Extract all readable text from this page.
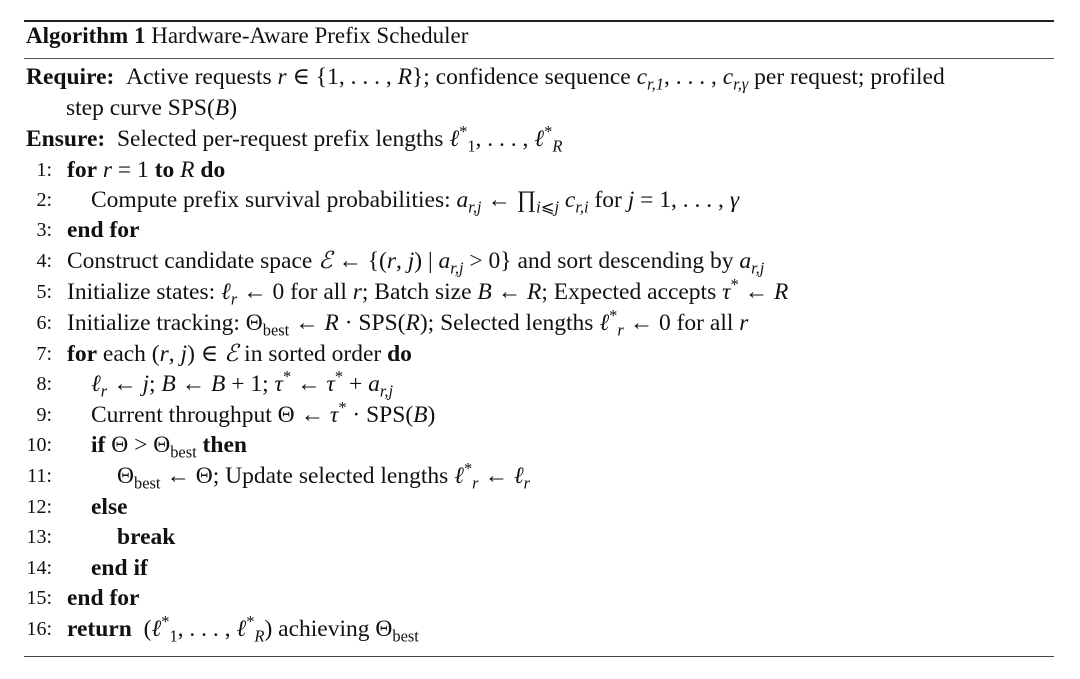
Algorithm 1 Hardware-Aware Prefix Scheduler
Require:  Active requests r ∈ {1, . . . , R}; confidence sequence $c_{r,1}$, . . . , $c_{r,\gamma}$ per request; profiled
step curve SPS(B)
Ensure:  Selected per-request prefix lengths ℓ*$_1$, . . . , ℓ*$_R$
1: for r = 1 to R do
2: Compute prefix survival probabilities: $a_{r,j}$ ← $\prod_{i⩽j}$ $c_{r,i}$ for j = 1, . . . , γ
3: end for
4: Construct candidate space ℰ ← {(r, j) | $a_{r,j} > 0$} and sort descending by $a_{r,j}$
5: Initialize states: ℓ$_r$ ← 0 for all r; Batch size B ← R; Expected accepts τ* ← R
6: Initialize tracking: $\Theta_{best}$ ← R · SPS(R); Selected lengths ℓ*$_r$ ← 0 for all r
7: for each (r, j) ∈ ℰ in sorted order do
8: ℓ$_r$ ← j; B ← B + 1; τ* ← $\tau^* + a_{r,j}$
9: Current throughput Θ ← τ* · SPS(B)
10: if $\Theta > \Theta_{best}$ then
11:	$\Theta_{best}$ ← Θ; Update selected lengths ℓ*$_r$ ← ℓ$_r$
12: else
13:	break
14: end if
15: end for
16: return  (ℓ*$_1$, . . . , ℓ*$_R$) achieving $\Theta_{best}$
